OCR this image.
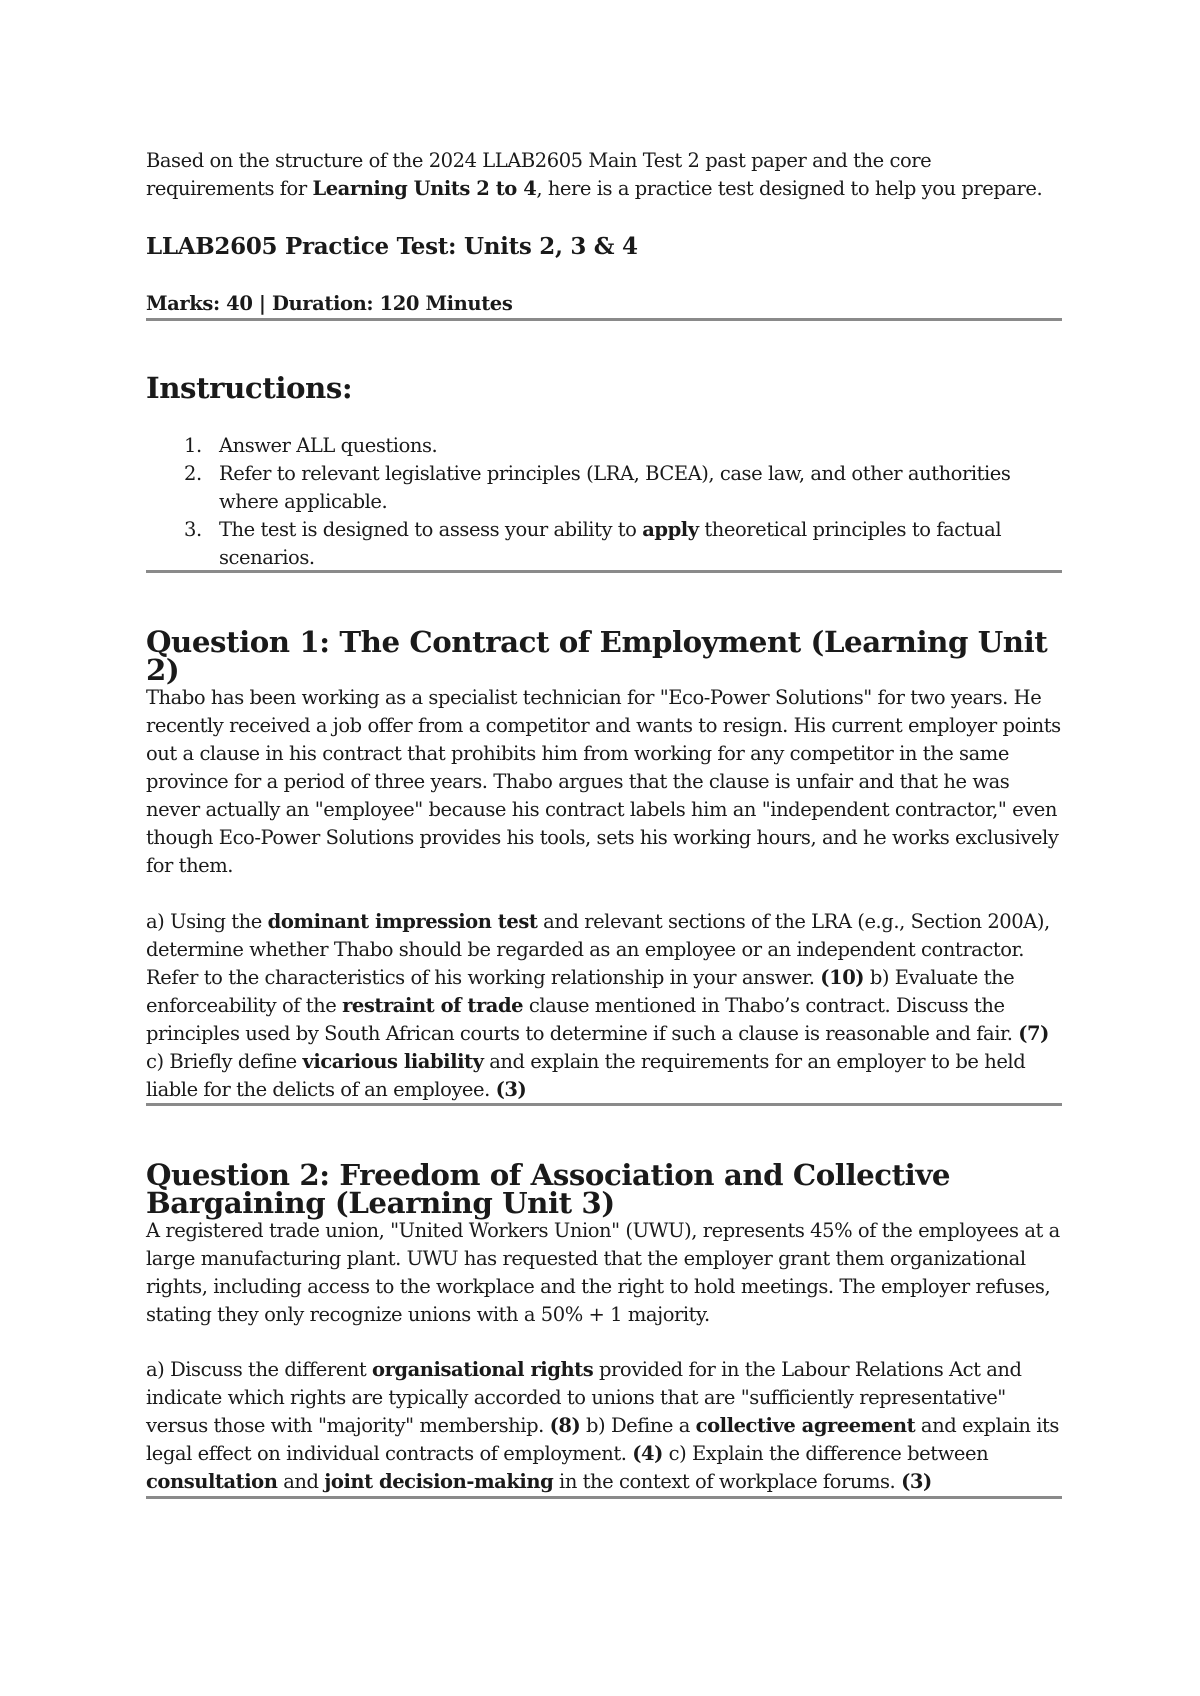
Based on the structure of the 2024 LLAB2605 Main Test 2 past paper and the core requirements for Learning Units 2 to 4, here is a practice test designed to help you prepare.

LLAB2605 Practice Test: Units 2, 3 & 4

Marks: 40 | Duration: 120 Minutes

Instructions:
1. Answer ALL questions.
2. Refer to relevant legislative principles (LRA, BCEA), case law, and other authorities where applicable.
3. The test is designed to assess your ability to apply theoretical principles to factual scenarios.
Question 1: The Contract of Employment (Learning Unit 2)

Thabo has been working as a specialist technician for "Eco-Power Solutions" for two years. He recently received a job offer from a competitor and wants to resign. His current employer points out a clause in his contract that prohibits him from working for any competitor in the same province for a period of three years. Thabo argues that the clause is unfair and that he was never actually an "employee" because his contract labels him an "independent contractor," even though Eco-Power Solutions provides his tools, sets his working hours, and he works exclusively for them.

a) Using the dominant impression test and relevant sections of the LRA (e.g., Section 200A), determine whether Thabo should be regarded as an employee or an independent contractor. Refer to the characteristics of his working relationship in your answer. (10) b) Evaluate the enforceability of the restraint of trade clause mentioned in Thabo’s contract. Discuss the principles used by South African courts to determine if such a clause is reasonable and fair. (7) c) Briefly define vicarious liability and explain the requirements for an employer to be held liable for the delicts of an employee. (3)

Question 2: Freedom of Association and Collective Bargaining (Learning Unit 3)

A registered trade union, "United Workers Union" (UWU), represents 45% of the employees at a large manufacturing plant. UWU has requested that the employer grant them organizational rights, including access to the workplace and the right to hold meetings. The employer refuses, stating they only recognize unions with a 50% + 1 majority.

a) Discuss the different organisational rights provided for in the Labour Relations Act and indicate which rights are typically accorded to unions that are "sufficiently representative" versus those with "majority" membership. (8) b) Define a collective agreement and explain its legal effect on individual contracts of employment. (4) c) Explain the difference between consultation and joint decision-making in the context of workplace forums. (3)
